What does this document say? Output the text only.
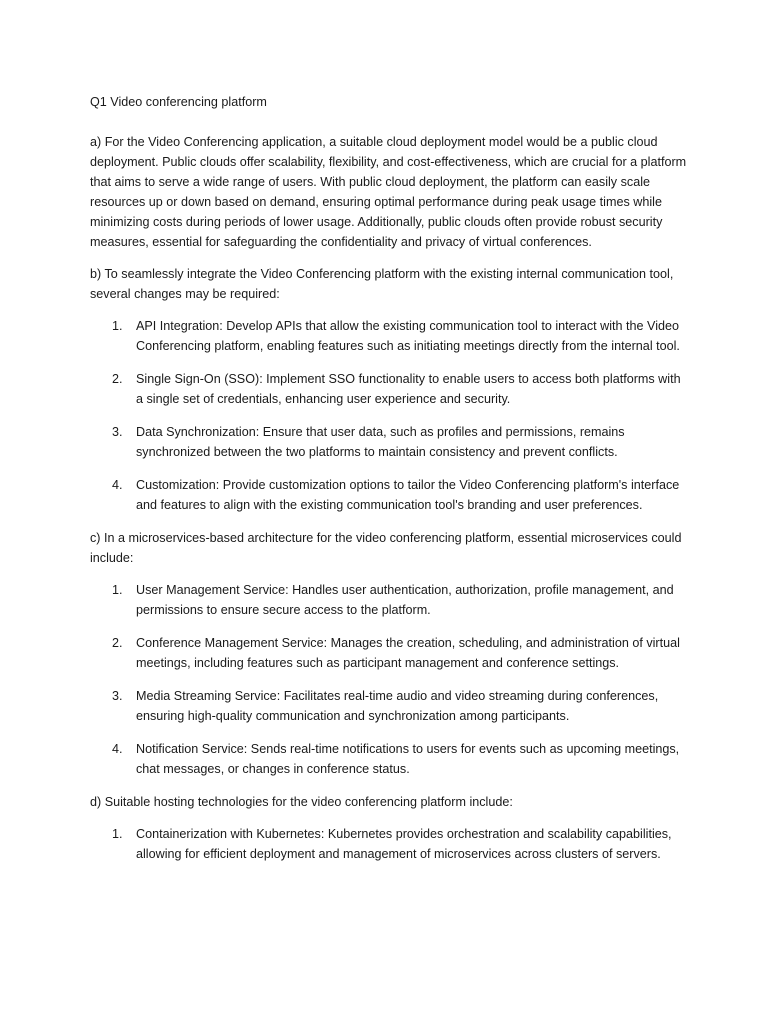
Q1 Video conferencing platform

a) For the Video Conferencing application, a suitable cloud deployment model would be a public cloud deployment. Public clouds offer scalability, flexibility, and cost-effectiveness, which are crucial for a platform that aims to serve a wide range of users. With public cloud deployment, the platform can easily scale resources up or down based on demand, ensuring optimal performance during peak usage times while minimizing costs during periods of lower usage. Additionally, public clouds often provide robust security measures, essential for safeguarding the confidentiality and privacy of virtual conferences.

b) To seamlessly integrate the Video Conferencing platform with the existing internal communication tool, several changes may be required:

1. API Integration: Develop APIs that allow the existing communication tool to interact with the Video Conferencing platform, enabling features such as initiating meetings directly from the internal tool.
2. Single Sign-On (SSO): Implement SSO functionality to enable users to access both platforms with a single set of credentials, enhancing user experience and security.
3. Data Synchronization: Ensure that user data, such as profiles and permissions, remains synchronized between the two platforms to maintain consistency and prevent conflicts.
4. Customization: Provide customization options to tailor the Video Conferencing platform's interface and features to align with the existing communication tool's branding and user preferences.

c) In a microservices-based architecture for the video conferencing platform, essential microservices could include:

1. User Management Service: Handles user authentication, authorization, profile management, and permissions to ensure secure access to the platform.
2. Conference Management Service: Manages the creation, scheduling, and administration of virtual meetings, including features such as participant management and conference settings.
3. Media Streaming Service: Facilitates real-time audio and video streaming during conferences, ensuring high-quality communication and synchronization among participants.
4. Notification Service: Sends real-time notifications to users for events such as upcoming meetings, chat messages, or changes in conference status.

d) Suitable hosting technologies for the video conferencing platform include:

1. Containerization with Kubernetes: Kubernetes provides orchestration and scalability capabilities, allowing for efficient deployment and management of microservices across clusters of servers.
